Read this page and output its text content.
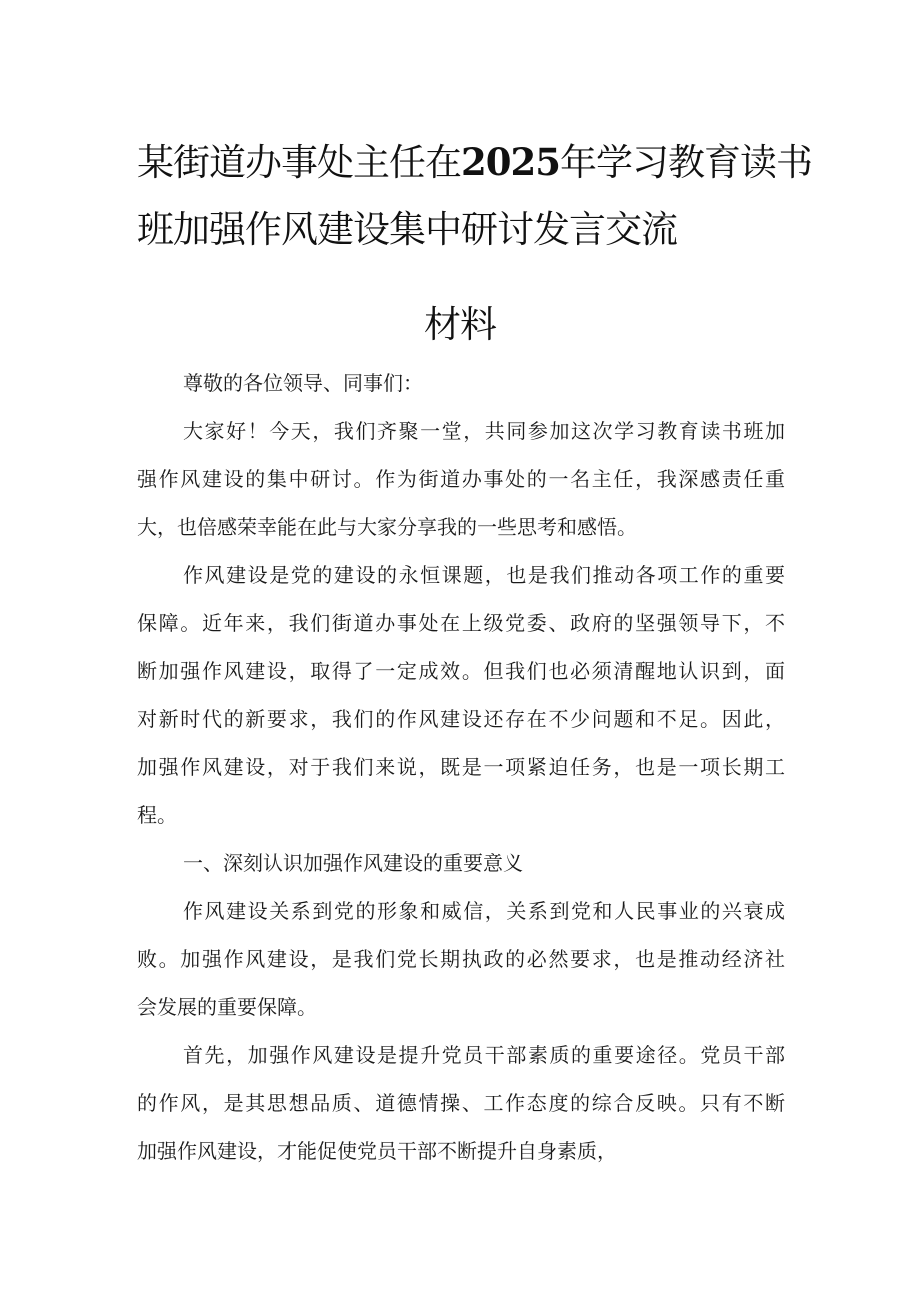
某街道办事处主任在2025年学习教育读书
班加强作风建设集中研讨发言交流
材料
尊敬的各位领导、同事们：
大家好！今天，我们齐聚一堂，共同参加这次学习教育读书班加
强作风建设的集中研讨。作为街道办事处的一名主任，我深感责任重
大，也倍感荣幸能在此与大家分享我的一些思考和感悟。
作风建设是党的建设的永恒课题，也是我们推动各项工作的重要
保障。近年来，我们街道办事处在上级党委、政府的坚强领导下，不
断加强作风建设，取得了一定成效。但我们也必须清醒地认识到，面
对新时代的新要求，我们的作风建设还存在不少问题和不足。因此，
加强作风建设，对于我们来说，既是一项紧迫任务，也是一项长期工
程。
一、深刻认识加强作风建设的重要意义
作风建设关系到党的形象和威信，关系到党和人民事业的兴衰成
败。加强作风建设，是我们党长期执政的必然要求，也是推动经济社
会发展的重要保障。
首先，加强作风建设是提升党员干部素质的重要途径。党员干部
的作风，是其思想品质、道德情操、工作态度的综合反映。只有不断
加强作风建设，才能促使党员干部不断提升自身素质，
